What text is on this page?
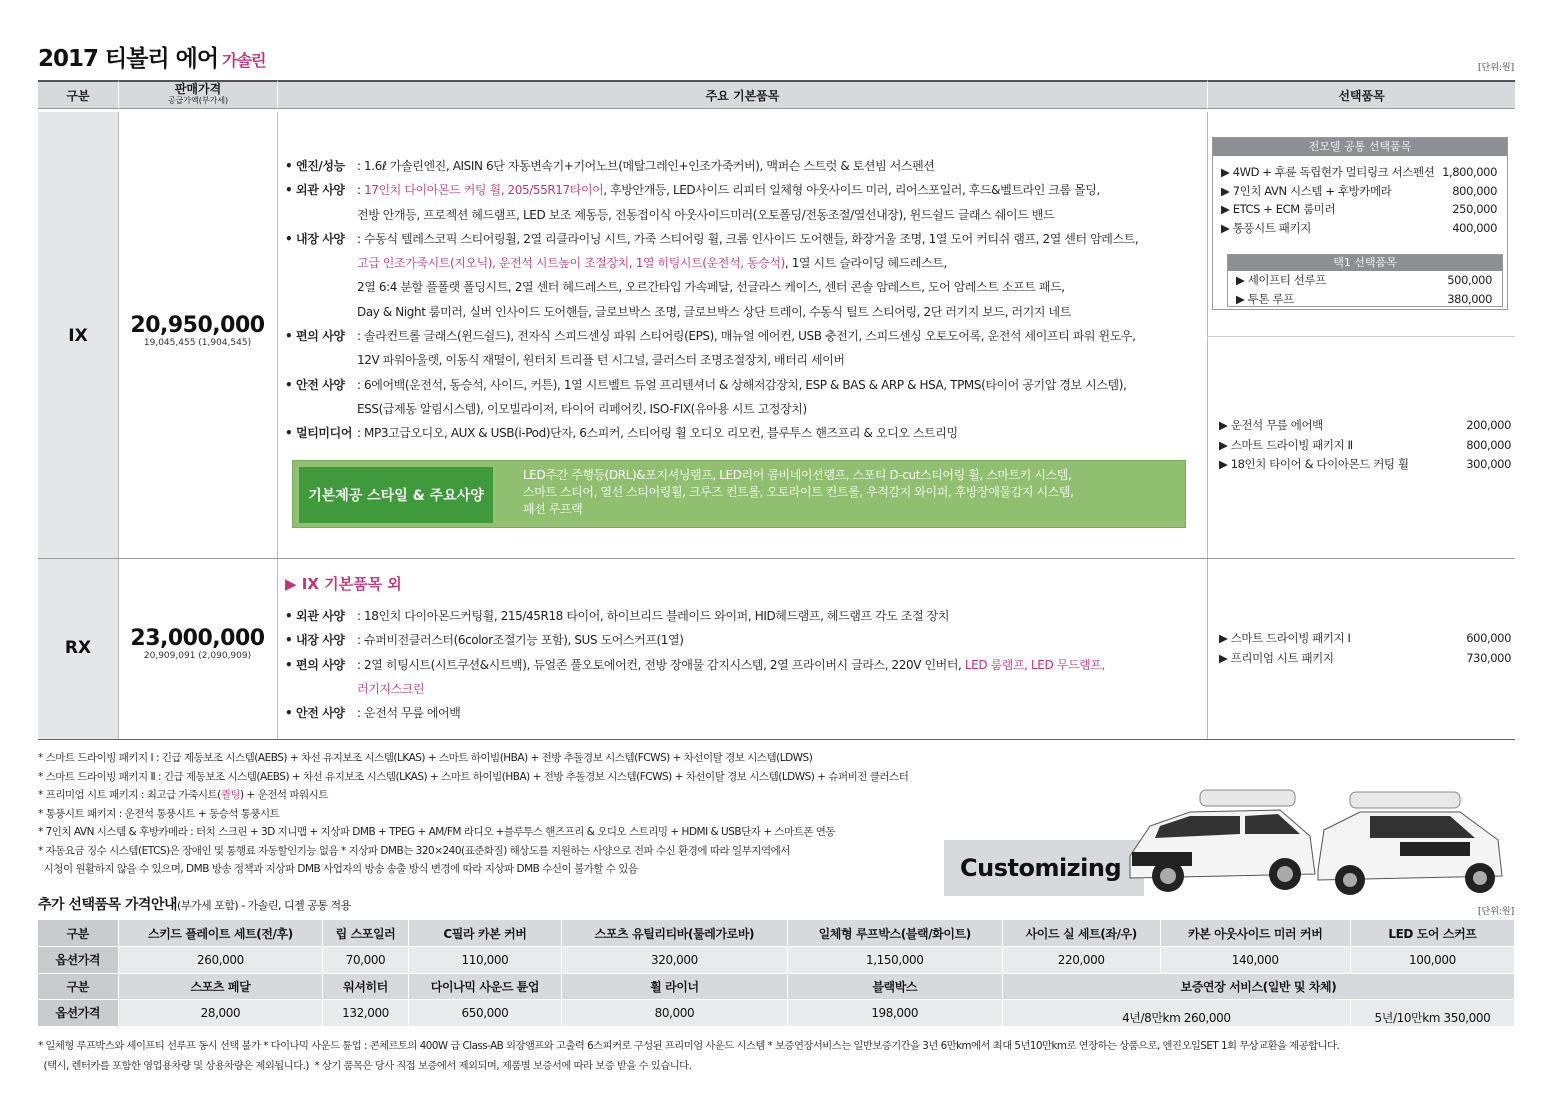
2017 티볼리 에어 가솔린	[단위:원]
구분	판매가격
공급가액(부가세)	주요 기본품목	선택품목
IX	20,950,000
19,045,455 (1,904,545)
• 엔진/성능	: 1.6ℓ 가솔린엔진, AISIN 6단 자동변속기+기어노브(메탈그레인+인조가죽커버), 맥퍼슨 스트럿 & 토션빔 서스펜션
• 외관 사양	: 17인치 다이아몬드 커팅 휠, 205/55R17타이어, 후방안개등, LED사이드 리피터 일체형 아웃사이드 미러, 리어스포일러, 후드&벨트라인 크롬 몰딩,
전방 안개등, 프로젝션 헤드램프, LED 보조 제동등, 전동접이식 아웃사이드미러(오토폴딩/전동조절/열선내장), 윈드쉴드 글래스 쉐이드 밴드
• 내장 사양	: 수동식 텔레스코픽 스티어링휠, 2열 리클라이닝 시트, 가죽 스티어링 휠, 크롬 인사이드 도어핸들, 화장거울 조명, 1열 도어 커티쉬 램프, 2열 센터 암레스트,
고급 인조가죽시트(지오닉), 운전석 시트높이 조절장치, 1열 히팅시트(운전석, 동승석), 1열 시트 슬라이딩 헤드레스트,
2열 6:4 분할 풀폴랫 폴딩시트, 2열 센터 헤드레스트, 오르간타입 가속페달, 선글라스 케이스, 센터 콘솔 암레스트, 도어 암레스트 소프트 패드,
Day & Night 룸미러, 실버 인사이드 도어핸들, 글로브박스 조명, 글로브박스 상단 트레이, 수동식 틸트 스티어링, 2단 러기지 보드, 러기지 네트
• 편의 사양	: 솔라컨트롤 글래스(윈드쉴드), 전자식 스피드센싱 파워 스티어링(EPS), 매뉴얼 에어컨, USB 충전기, 스피드센싱 오토도어록, 운전석 세이프티 파워 윈도우,
12V 파워아울렛, 이동식 재떨이, 원터치 트리플 턴 시그널, 클러스터 조명조절장치, 배터리 세이버
• 안전 사양	: 6에어백(운전석, 동승석, 사이드, 커튼), 1열 시트벨트 듀얼 프리텐셔너 & 상해저감장치, ESP & BAS & ARP & HSA, TPMS(타이어 공기압 경보 시스템),
ESS(급제동 알림시스템), 이모빌라이저, 타이어 리페어킷, ISO-FIX(유아용 시트 고정장치)
• 멀티미디어 : MP3고급오디오, AUX & USB(i-Pod)단자, 6스피커, 스티어링 휠 오디오 리모컨, 블루투스 핸즈프리 & 오디오 스트리밍
기본제공 스타일 & 주요사양
LED주간 주행등(DRL)&포지셔닝램프, LED리어 콤비네이션램프, 스포티 D-cut스티어링 휠, 스마트키 시스템,
스마트 스티어, 열선 스티어링휠, 크루즈 컨트롤, 오토라이트 컨트롤, 우적감지 와이퍼, 후방장애물감지 시스템,
패션 루프랙
전모델 공통 선택품목
▶ 4WD + 후륜 독립현가 멀티링크 서스펜션 1,800,000
▶ 7인치 AVN 시스템 + 후방카메라	800,000
▶ ETCS + ECM 룸미러	250,000
▶ 통풍시트 패키지	400,000
택1 선택품목
▶ 세이프티 선루프	500,000
▶ 투톤 루프	380,000
▶ 운전석 무릎 에어백	200,000
▶ 스마트 드라이빙 패키지 Ⅱ	800,000
▶ 18인치 타이어 & 다이아몬드 커팅 휠	300,000
RX	23,000,000
20,909,091 (2,090,909)
▶ IX 기본품목 외
• 외관 사양	: 18인치 다이아몬드커팅휠, 215/45R18 타이어, 하이브리드 블레이드 와이퍼, HID헤드램프, 헤드램프 각도 조절 장치
• 내장 사양	: 슈퍼비전클러스터(6color조절기능 포함), SUS 도어스커프(1열)
• 편의 사양	: 2열 히팅시트(시트쿠션&시트백), 듀얼존 풀오토에어컨, 전방 장애물 감지시스템, 2열 프라이버시 글라스, 220V 인버터, LED 룸램프, LED 무드램프,
러기지스크린
• 안전 사양	: 운전석 무릎 에어백
▶ 스마트 드라이빙 패키지 Ⅰ	600,000
▶ 프리미엄 시트 패키지	730,000
* 스마트 드라이빙 패키지 Ⅰ : 긴급 제동보조 시스템(AEBS) + 차선 유지보조 시스템(LKAS) + 스마트 하이빔(HBA) + 전방 추돌경보 시스템(FCWS) + 차선이탈 경보 시스템(LDWS)
* 스마트 드라이빙 패키지 Ⅱ : 긴급 제동보조 시스템(AEBS) + 차선 유지보조 시스템(LKAS) + 스마트 하이빔(HBA) + 전방 추돌경보 시스템(FCWS) + 차선이탈 경보 시스템(LDWS) + 슈퍼비전 클러스터
* 프리미엄 시트 패키지 : 최고급 가죽시트(퀼팅) + 운전석 파워시트
* 통풍시트 패키지 : 운전석 통풍시트 + 동승석 통풍시트
* 7인치 AVN 시스템 & 후방카메라 : 터치 스크린 + 3D 지니맵 + 지상파 DMB + TPEG + AM/FM 라디오 +블루투스 핸즈프리 & 오디오 스트리밍 + HDMI & USB단자 + 스마트폰 연동
* 자동요금 징수 시스템(ETCS)은 장애인 및 통행료 자동할인기능 없음 * 지상파 DMB는 320×240(표준화질) 해상도를 지원하는 사양으로 전파 수신 환경에 따라 일부지역에서
시청이 원활하지 않을 수 있으며, DMB 방송 정책과 지상파 DMB 사업자의 방송 송출 방식 변경에 따라 지상파 DMB 수신이 불가할 수 있음	Customizing
추가 선택품목 가격안내(부가세 포함) - 가솔린, 디젤 공통 적용	[단위:원]
구분	스키드 플레이트 세트(전/후)	립 스포일러	C필라 카본 커버	스포츠 유틸리티바(툴레가로바)	일체형 루프박스(블랙/화이트)	사이드 실 세트(좌/우)	카본 아웃사이드 미러 커버	LED 도어 스커프
옵션가격	260,000	70,000	110,000	320,000	1,150,000	220,000	140,000	100,000
구분	스포츠 페달	워셔히터	다이나믹 사운드 튠업	휠 라이너	블랙박스	보증연장 서비스(일반 및 차체)		
옵션가격	28,000	132,000	650,000	80,000	198,000	4년/8만km 260,000		5년/10만km 350,000
* 일체형 루프박스와 세이프티 선루프 동시 선택 불가 * 다이나믹 사운드 튠업 : 콘체르토의 400W 급 Class-AB 외장앰프와 고출력 6스피커로 구성된 프리미엄 사운드 시스템 * 보증연장서비스는 일반보증기간을 3년 6만km에서 최대 5년10만km로 연장하는 상품으로, 엔진오일SET 1회 무상교환을 제공합니다.
(택시, 렌터카를 포함한 영업용차량 및 상용차량은 제외됩니다.)  * 상기 품목은 당사 직접 보증에서 제외되며, 제품별 보증서에 따라 보증 받을 수 있습니다.
